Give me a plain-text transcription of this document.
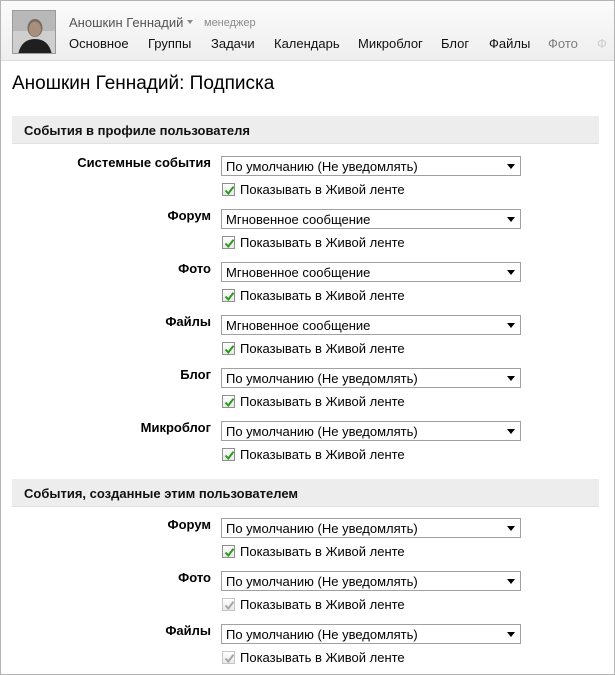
Аношкин Геннадий менеджер
Основное Группы Задачи Календарь Микроблог Блог Файлы Фото Ф
Аношкин Геннадий: Подписка
События в профиле пользователя
Системные события По умолчанию (Не уведомлять)
Показывать в Живой ленте
Форум Мгновенное сообщение
Показывать в Живой ленте
Фото Мгновенное сообщение
Показывать в Живой ленте
Файлы Мгновенное сообщение
Показывать в Живой ленте
Блог По умолчанию (Не уведомлять)
Показывать в Живой ленте
Микроблог По умолчанию (Не уведомлять)
Показывать в Живой ленте
События, созданные этим пользователем
Форум По умолчанию (Не уведомлять)
Показывать в Живой ленте
Фото По умолчанию (Не уведомлять)
Показывать в Живой ленте
Файлы По умолчанию (Не уведомлять)
Показывать в Живой ленте
